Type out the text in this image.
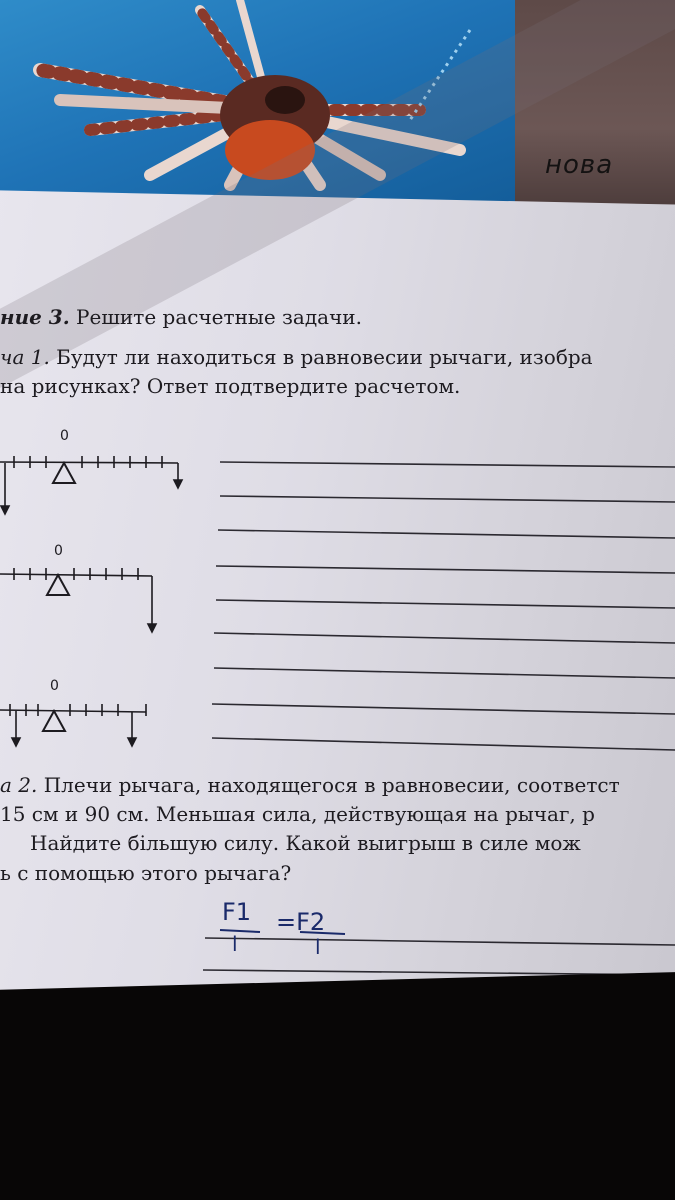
нова
ние 3. Решите расчетные задачи.
ча 1. Будут ли находиться в равновесии рычаги, изобра
на рисунках? Ответ подтвердите расчетом.
0
0
0
а 2. Плечи рычага, находящегося в равновесии, соответст
15 см и 90 см. Меньшая сила, действующая на рычаг, р
Найдите бiльшую силу. Какой выигрыш в силе мож
ь с помощью этого рычага?
F1 =F2
l	l
